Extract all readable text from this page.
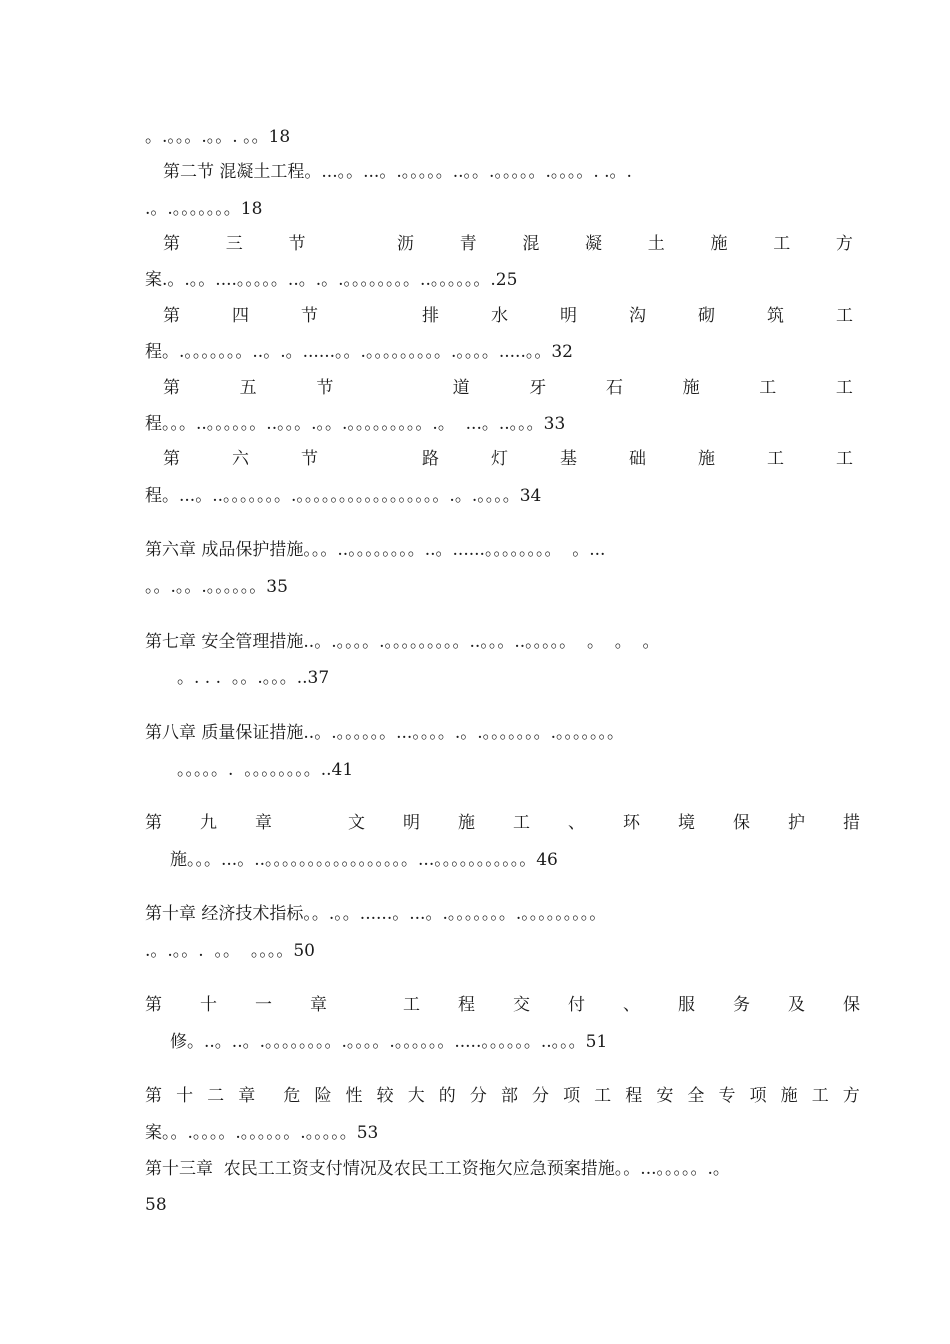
。.。。。.。。. 。。18
第二节 混凝土工程。...。。...。.。。。。。..。。.。。。。。.。。。。. .。.
.。.。。。。。。。18
第	三	节	沥	青	混	凝	土	施	工	方
案.。.。。....。。。。。..。.。.。。。。。。。。..。。。。。。.25
第	四	节	排	水	明	沟	砌	筑	工
程。.。。。。。。。..。.。......。。.。。。。。。。。。.。。。。.....。。32
第	五	节	道	牙	石	施	工	工
程。。。..。。。。。。..。。。.。。.。。。。。。。。。.。  ...。..。。。33
第	六	节	路	灯	基	础	施	工	工
程。...。..。。。。。。。.。。。。。。。。。。。。。。。。。.。.。。。。34
第六章 成品保护措施。。。..。。。。。。。。..。......。。。。。。。。  。...
。。.。。.。。。。。。35
第七章 安全管理措施..。.。。。。.。。。。。。。。。..。。。..。。。。。  。  。  。
。. . .  。。.。。。..37
第八章 质量保证措施..。.。。。。。。...。。。。.。.。。。。。。。.。。。。。。。
。。。。。.  。。。。。。。。..41
第 九 章	文 明 施 工 、 环 境 保 护 措
施。。。...。..。。。。。。。。。。。。。。。。。...。。。。。。。。。。。46
第十章 经济技术指标。。.。。......。...。.。。。。。。。.。。。。。。。。。
.。.。。.  。。  。。。。50
第 十 一 章	工 程 交 付 、 服 务 及 保
修。..。..。.。。。。。。。。.。。。。.。。。。。。.....。。。。。。..。。。51
第 十 二 章 危 险 性 较 大 的 分 部 分 项 工 程 安 全 专 项 施 工 方
案。。.。。。。.。。。。。。.。。。。。53
第十三章  农民工工资支付情况及农民工工资拖欠应急预案措施。。...。。。。。.。
58
